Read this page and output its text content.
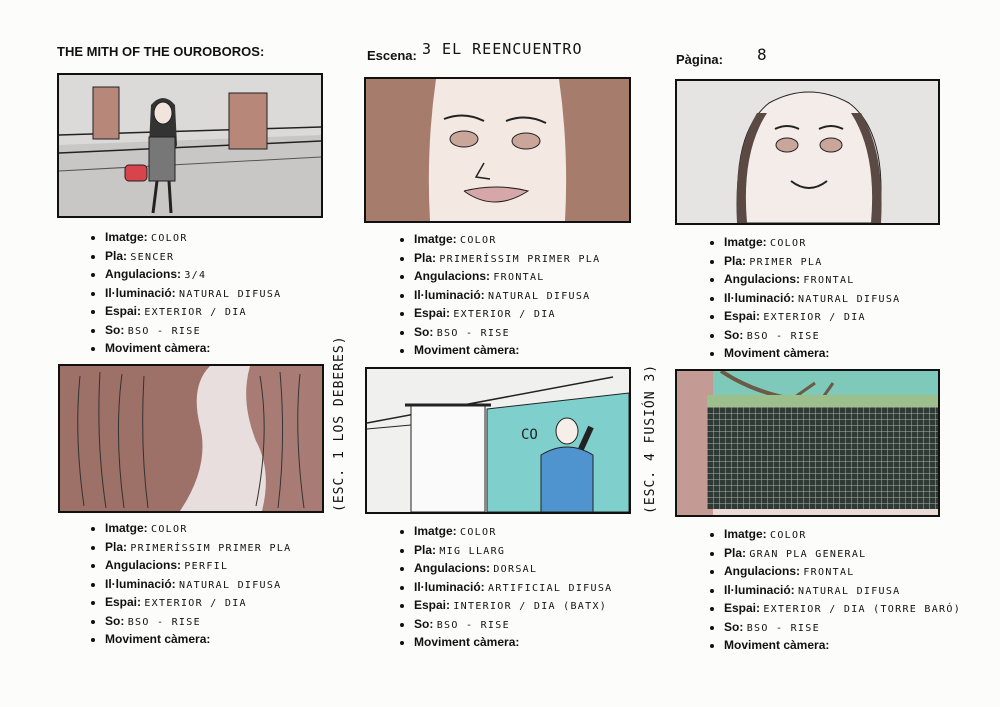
THE MITH OF THE OUROBOROS:	Escena: 3 EL REENCUENTRO
Pàgina: 8
(ESC. 1 LOS DEBERES)	(ESC. 4 FUSIÓN 3)
CO
• Imatge: COLOR
• Pla: SENCER
• Angulacions: 3/4
• Il·luminació: NATURAL DIFUSA
• Espai: EXTERIOR / DIA
• So: BSO - RISE
• Moviment càmera:
• Imatge: COLOR
• Pla: PRIMERÍSSIM PRIMER PLA
• Angulacions: FRONTAL
• Il·luminació: NATURAL DIFUSA
• Espai: EXTERIOR / DIA
• So: BSO - RISE
• Moviment càmera:
• Imatge: COLOR
• Pla: PRIMER PLA
• Angulacions: FRONTAL
• Il·luminació: NATURAL DIFUSA
• Espai: EXTERIOR / DIA
• So: BSO - RISE
• Moviment càmera:
• Imatge: COLOR
• Pla: PRIMERÍSSIM PRIMER PLA
• Angulacions: PERFIL
• Il·luminació: NATURAL DIFUSA
• Espai: EXTERIOR / DIA
• So: BSO - RISE
• Moviment càmera:
• Imatge: COLOR
• Pla: MIG LLARG
• Angulacions: DORSAL
• Il·luminació: ARTIFICIAL DIFUSA
• Espai: INTERIOR / DIA (BATX)
• So: BSO - RISE
• Moviment càmera:
• Imatge: COLOR
• Pla: GRAN PLA GENERAL
• Angulacions: FRONTAL
• Il·luminació: NATURAL DIFUSA
• Espai: EXTERIOR / DIA (TORRE BARÓ)
• So: BSO - RISE
• Moviment càmera:
